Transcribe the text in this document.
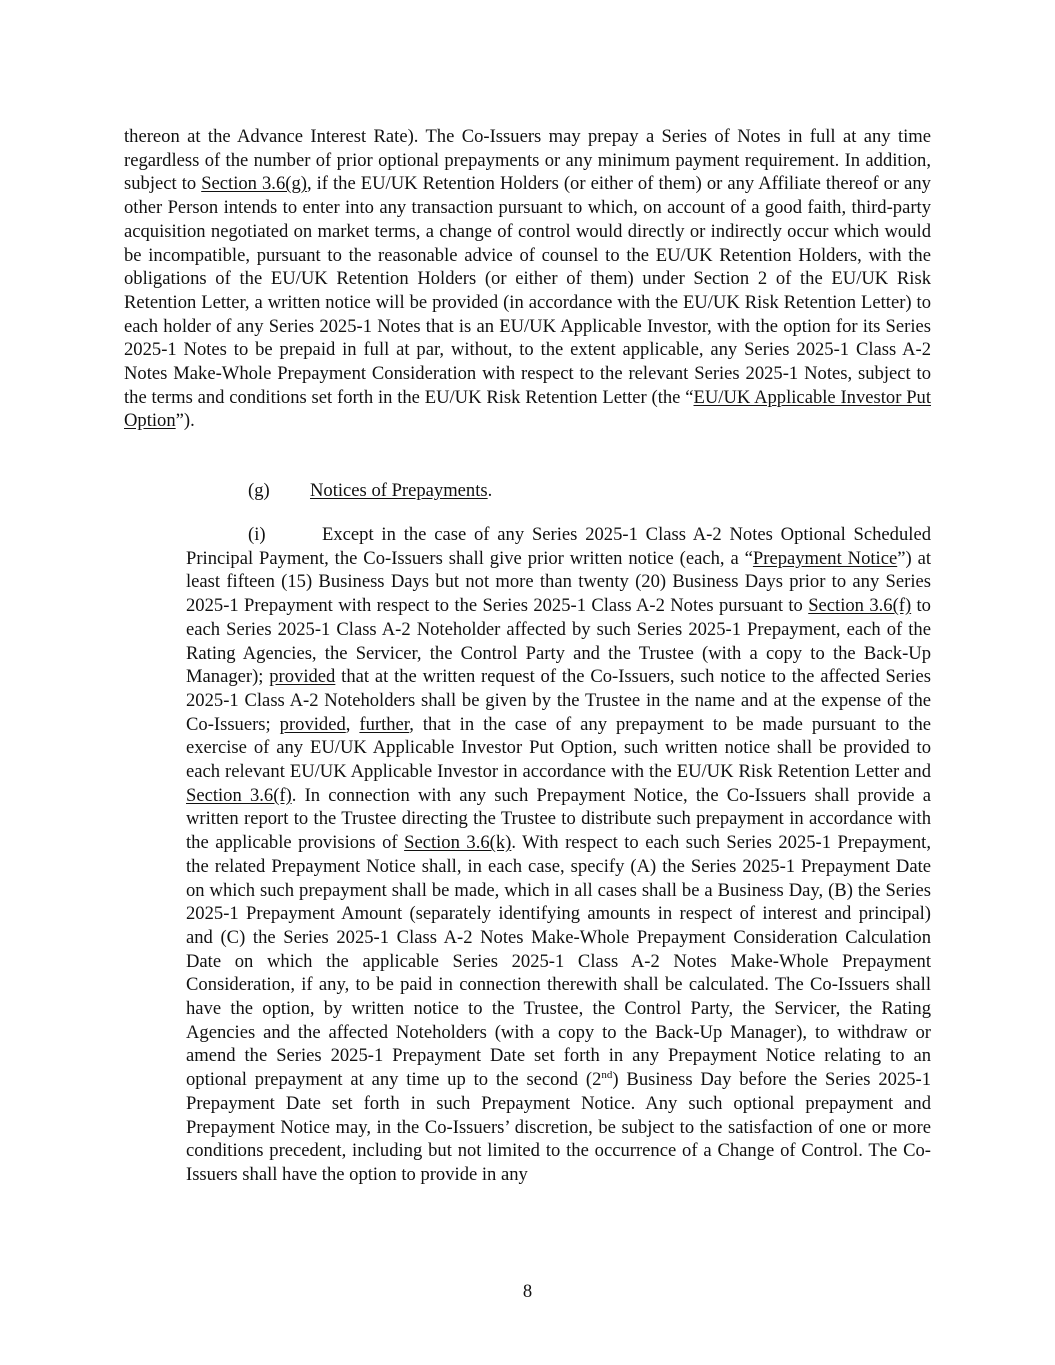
thereon at the Advance Interest Rate). The Co-Issuers may prepay a Series of Notes in full at any time regardless of the number of prior optional prepayments or any minimum payment requirement. In addition, subject to Section 3.6(g), if the EU/UK Retention Holders (or either of them) or any Affiliate thereof or any other Person intends to enter into any transaction pursuant to which, on account of a good faith, third-party acquisition negotiated on market terms, a change of control would directly or indirectly occur which would be incompatible, pursuant to the reasonable advice of counsel to the EU/UK Retention Holders, with the obligations of the EU/UK Retention Holders (or either of them) under Section 2 of the EU/UK Risk Retention Letter, a written notice will be provided (in accordance with the EU/UK Risk Retention Letter) to each holder of any Series 2025-1 Notes that is an EU/UK Applicable Investor, with the option for its Series 2025-1 Notes to be prepaid in full at par, without, to the extent applicable, any Series 2025-1 Class A-2 Notes Make-Whole Prepayment Consideration with respect to the relevant Series 2025-1 Notes, subject to the terms and conditions set forth in the EU/UK Risk Retention Letter (the “EU/UK Applicable Investor Put Option”).

(g) Notices of Prepayments.

(i)	Except in the case of any Series 2025-1 Class A-2 Notes Optional Scheduled Principal Payment, the Co-Issuers shall give prior written notice (each, a “Prepayment Notice”) at least fifteen (15) Business Days but not more than twenty (20) Business Days prior to any Series 2025-1 Prepayment with respect to the Series 2025-1 Class A-2 Notes pursuant to Section 3.6(f) to each Series 2025-1 Class A-2 Noteholder affected by such Series 2025-1 Prepayment, each of the Rating Agencies, the Servicer, the Control Party and the Trustee (with a copy to the Back-Up Manager); provided that at the written request of the Co-Issuers, such notice to the affected Series 2025-1 Class A-2 Noteholders shall be given by the Trustee in the name and at the expense of the Co-Issuers; provided, further, that in the case of any prepayment to be made pursuant to the exercise of any EU/UK Applicable Investor Put Option, such written notice shall be provided to each relevant EU/UK Applicable Investor in accordance with the EU/UK Risk Retention Letter and Section 3.6(f). In connection with any such Prepayment Notice, the Co-Issuers shall provide a written report to the Trustee directing the Trustee to distribute such prepayment in accordance with the applicable provisions of Section 3.6(k). With respect to each such Series 2025-1 Prepayment, the related Prepayment Notice shall, in each case, specify (A) the Series 2025-1 Prepayment Date on which such prepayment shall be made, which in all cases shall be a Business Day, (B) the Series 2025-1 Prepayment Amount (separately identifying amounts in respect of interest and principal) and (C) the Series 2025-1 Class A-2 Notes Make-Whole Prepayment Consideration Calculation Date on which the applicable Series 2025-1 Class A-2 Notes Make-Whole Prepayment Consideration, if any, to be paid in connection therewith shall be calculated. The Co-Issuers shall have the option, by written notice to the Trustee, the Control Party, the Servicer, the Rating Agencies and the affected Noteholders (with a copy to the Back-Up Manager), to withdraw or amend the Series 2025-1 Prepayment Date set forth in any Prepayment Notice relating to an optional prepayment at any time up to the second (2nd) Business Day before the Series 2025-1 Prepayment Date set forth in such Prepayment Notice. Any such optional prepayment and Prepayment Notice may, in the Co-Issuers’ discretion, be subject to the satisfaction of one or more conditions precedent, including but not limited to the occurrence of a Change of Control. The Co-Issuers shall have the option to provide in any

8
